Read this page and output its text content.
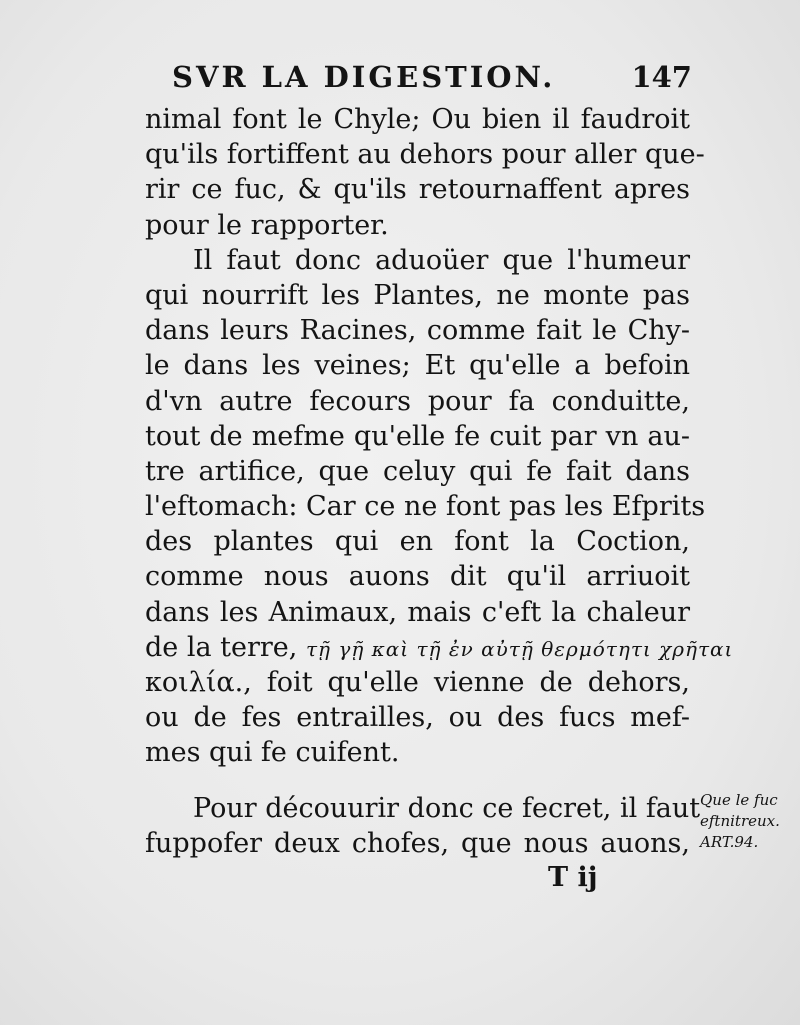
SVR LA DIGESTION.	147
nimal font le Chyle; Ou bien il faudroit
qu'ils fortiffent au dehors pour aller que-
rir ce fuc, & qu'ils retournaffent apres
pour le rapporter.
Il faut donc aduoüer que l'humeur
qui nourrift les Plantes, ne monte pas
dans leurs Racines, comme fait le Chy-
le dans les veines; Et qu'elle a befoin
d'vn autre fecours pour fa conduitte,
tout de mefme qu'elle fe cuit par vn au-
tre artifice, que celuy qui fe fait dans
l'eftomach: Car ce ne font pas les Efprits
des plantes qui en font la Coction,
comme nous auons dit qu'il arriuoit
dans les Animaux, mais c'eft la chaleur
de la terre, τῇ γῇ καὶ τῇ ἐν αὐτῇ θερμότητι χρῆται
κοιλία., foit qu'elle vienne de dehors,
ou de fes entrailles, ou des fucs mef-
mes qui fe cuifent.
Pour découurir donc ce fecret, il faut
fuppofer deux chofes, que nous auons,
Que le fuc
eftnitreux.
ART.94.
T ij
